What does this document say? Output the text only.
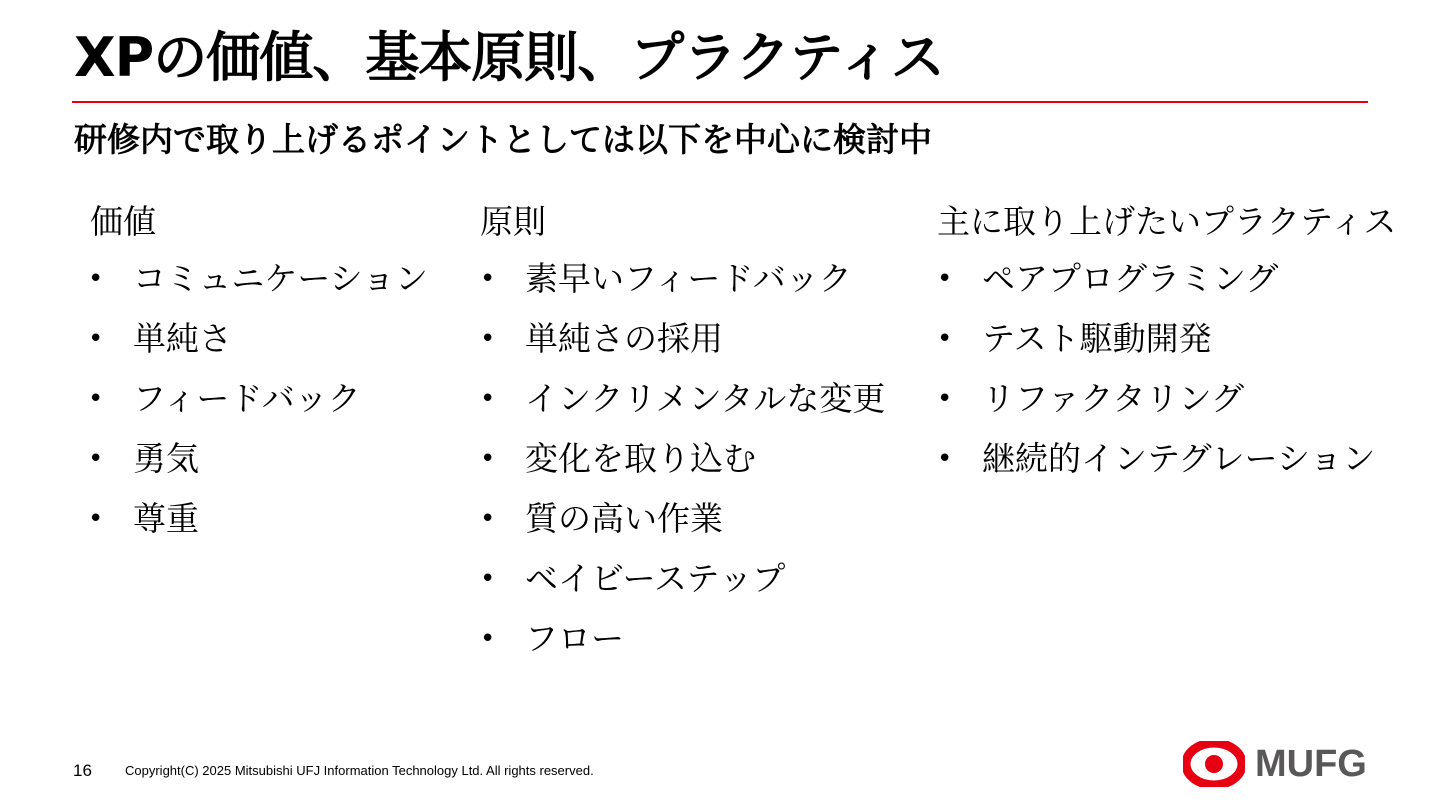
XPの価値、基本原則、プラクティス
研修内で取り上げるポイントとしては以下を中心に検討中
価値
• コミュニケーション
• 単純さ
• フィードバック
• 勇気
• 尊重
原則
• 素早いフィードバック
• 単純さの採用
• インクリメンタルな変更
• 変化を取り込む
• 質の高い作業
• ベイビーステップ
• フロー
主に取り上げたいプラクティス
• ペアプログラミング
• テスト駆動開発
• リファクタリング
• 継続的インテグレーション
16	Copyright(C) 2025 Mitsubishi UFJ Information Technology Ltd. All rights reserved.	MUFG
